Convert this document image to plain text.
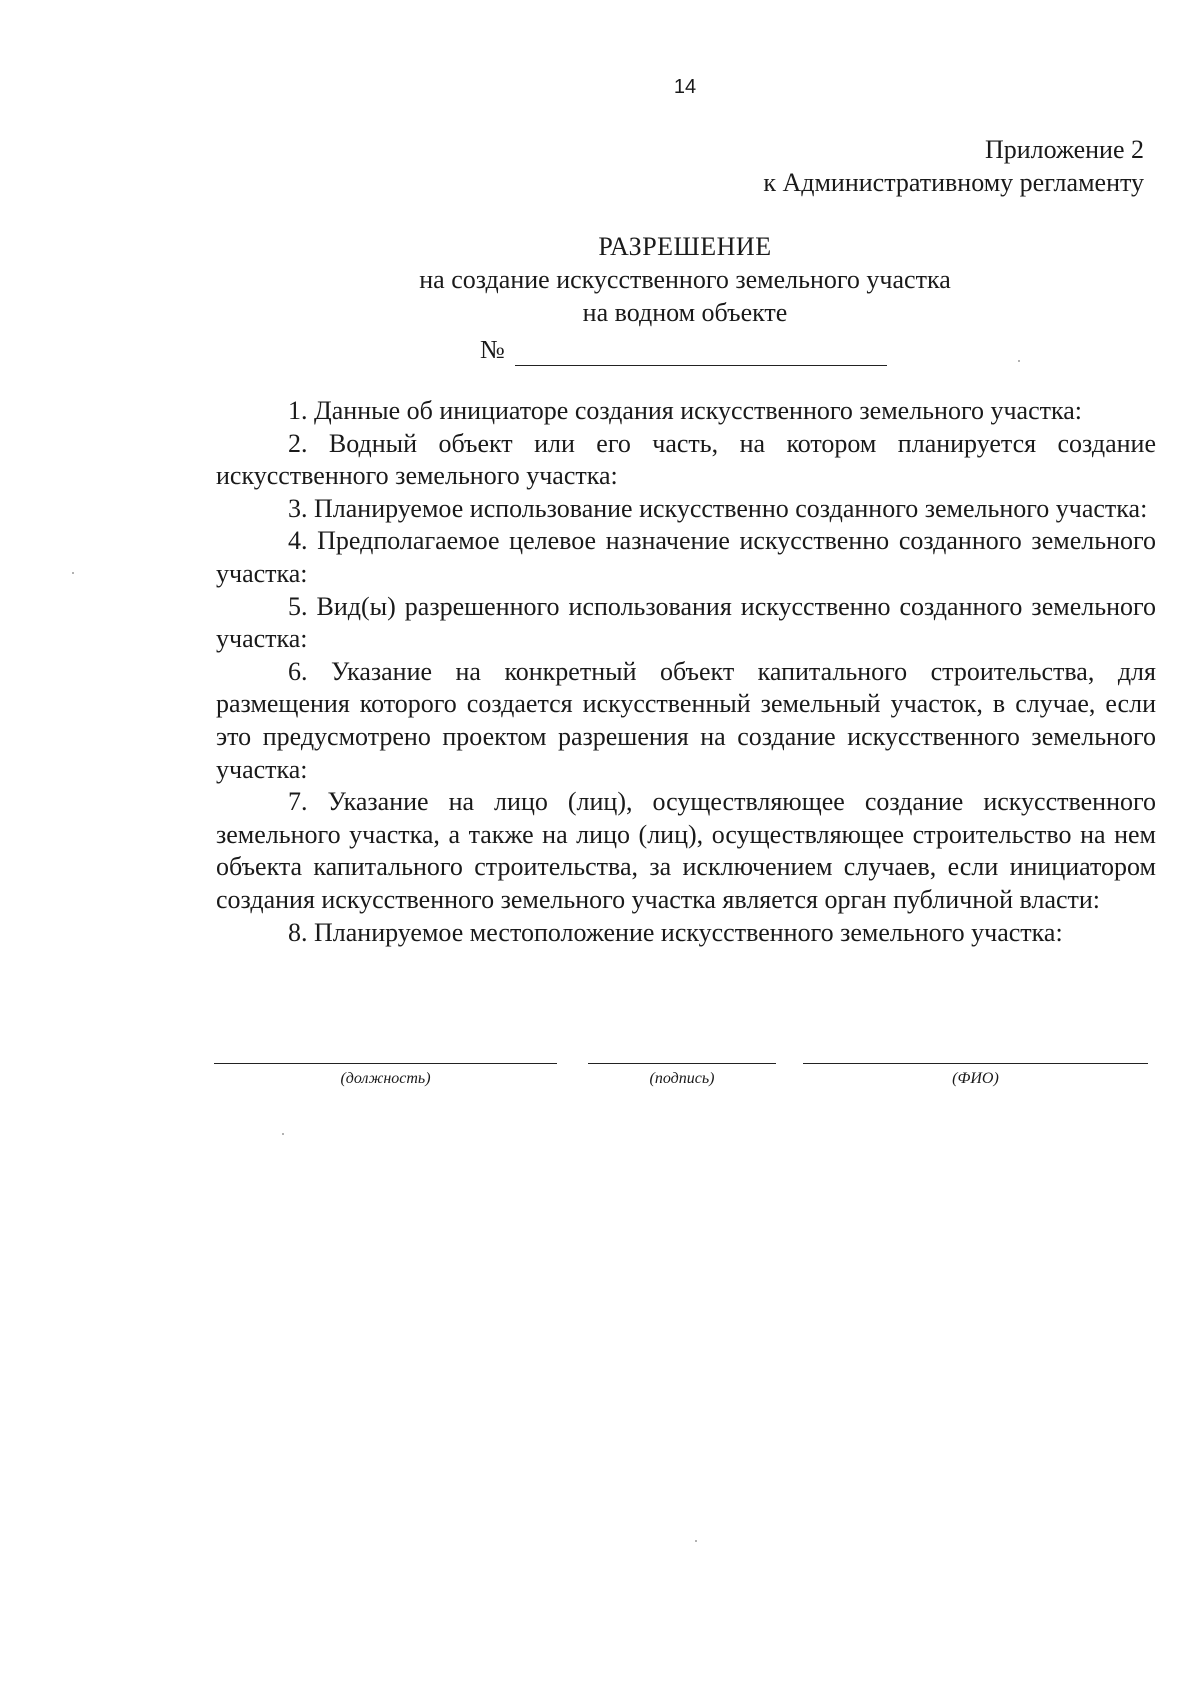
14
Приложение 2
к Административному регламенту
РАЗРЕШЕНИЕ
на создание искусственного земельного участка
на водном объекте
№

1. Данные об инициаторе создания искусственного земельного участка:

2. Водный объект или его часть, на котором планируется создание искусственного земельного участка:

3. Планируемое использование искусственно созданного земельного участка:

4. Предполагаемое целевое назначение искусственно созданного земельного участка:

5. Вид(ы) разрешенного использования искусственно созданного земельного участка:

6. Указание на конкретный объект капитального строительства, для размещения которого создается искусственный земельный участок, в случае, если это предусмотрено проектом разрешения на создание искусственного земельного участка:

7. Указание на лицо (лиц), осуществляющее создание искусственного земельного участка, а также на лицо (лиц), осуществляющее строительство на нем объекта капитального строительства, за исключением случаев, если инициатором создания искусственного земельного участка является орган публичной власти:

8. Планируемое местоположение искусственного земельного участка:

(должность)	(подпись)	(ФИО)
